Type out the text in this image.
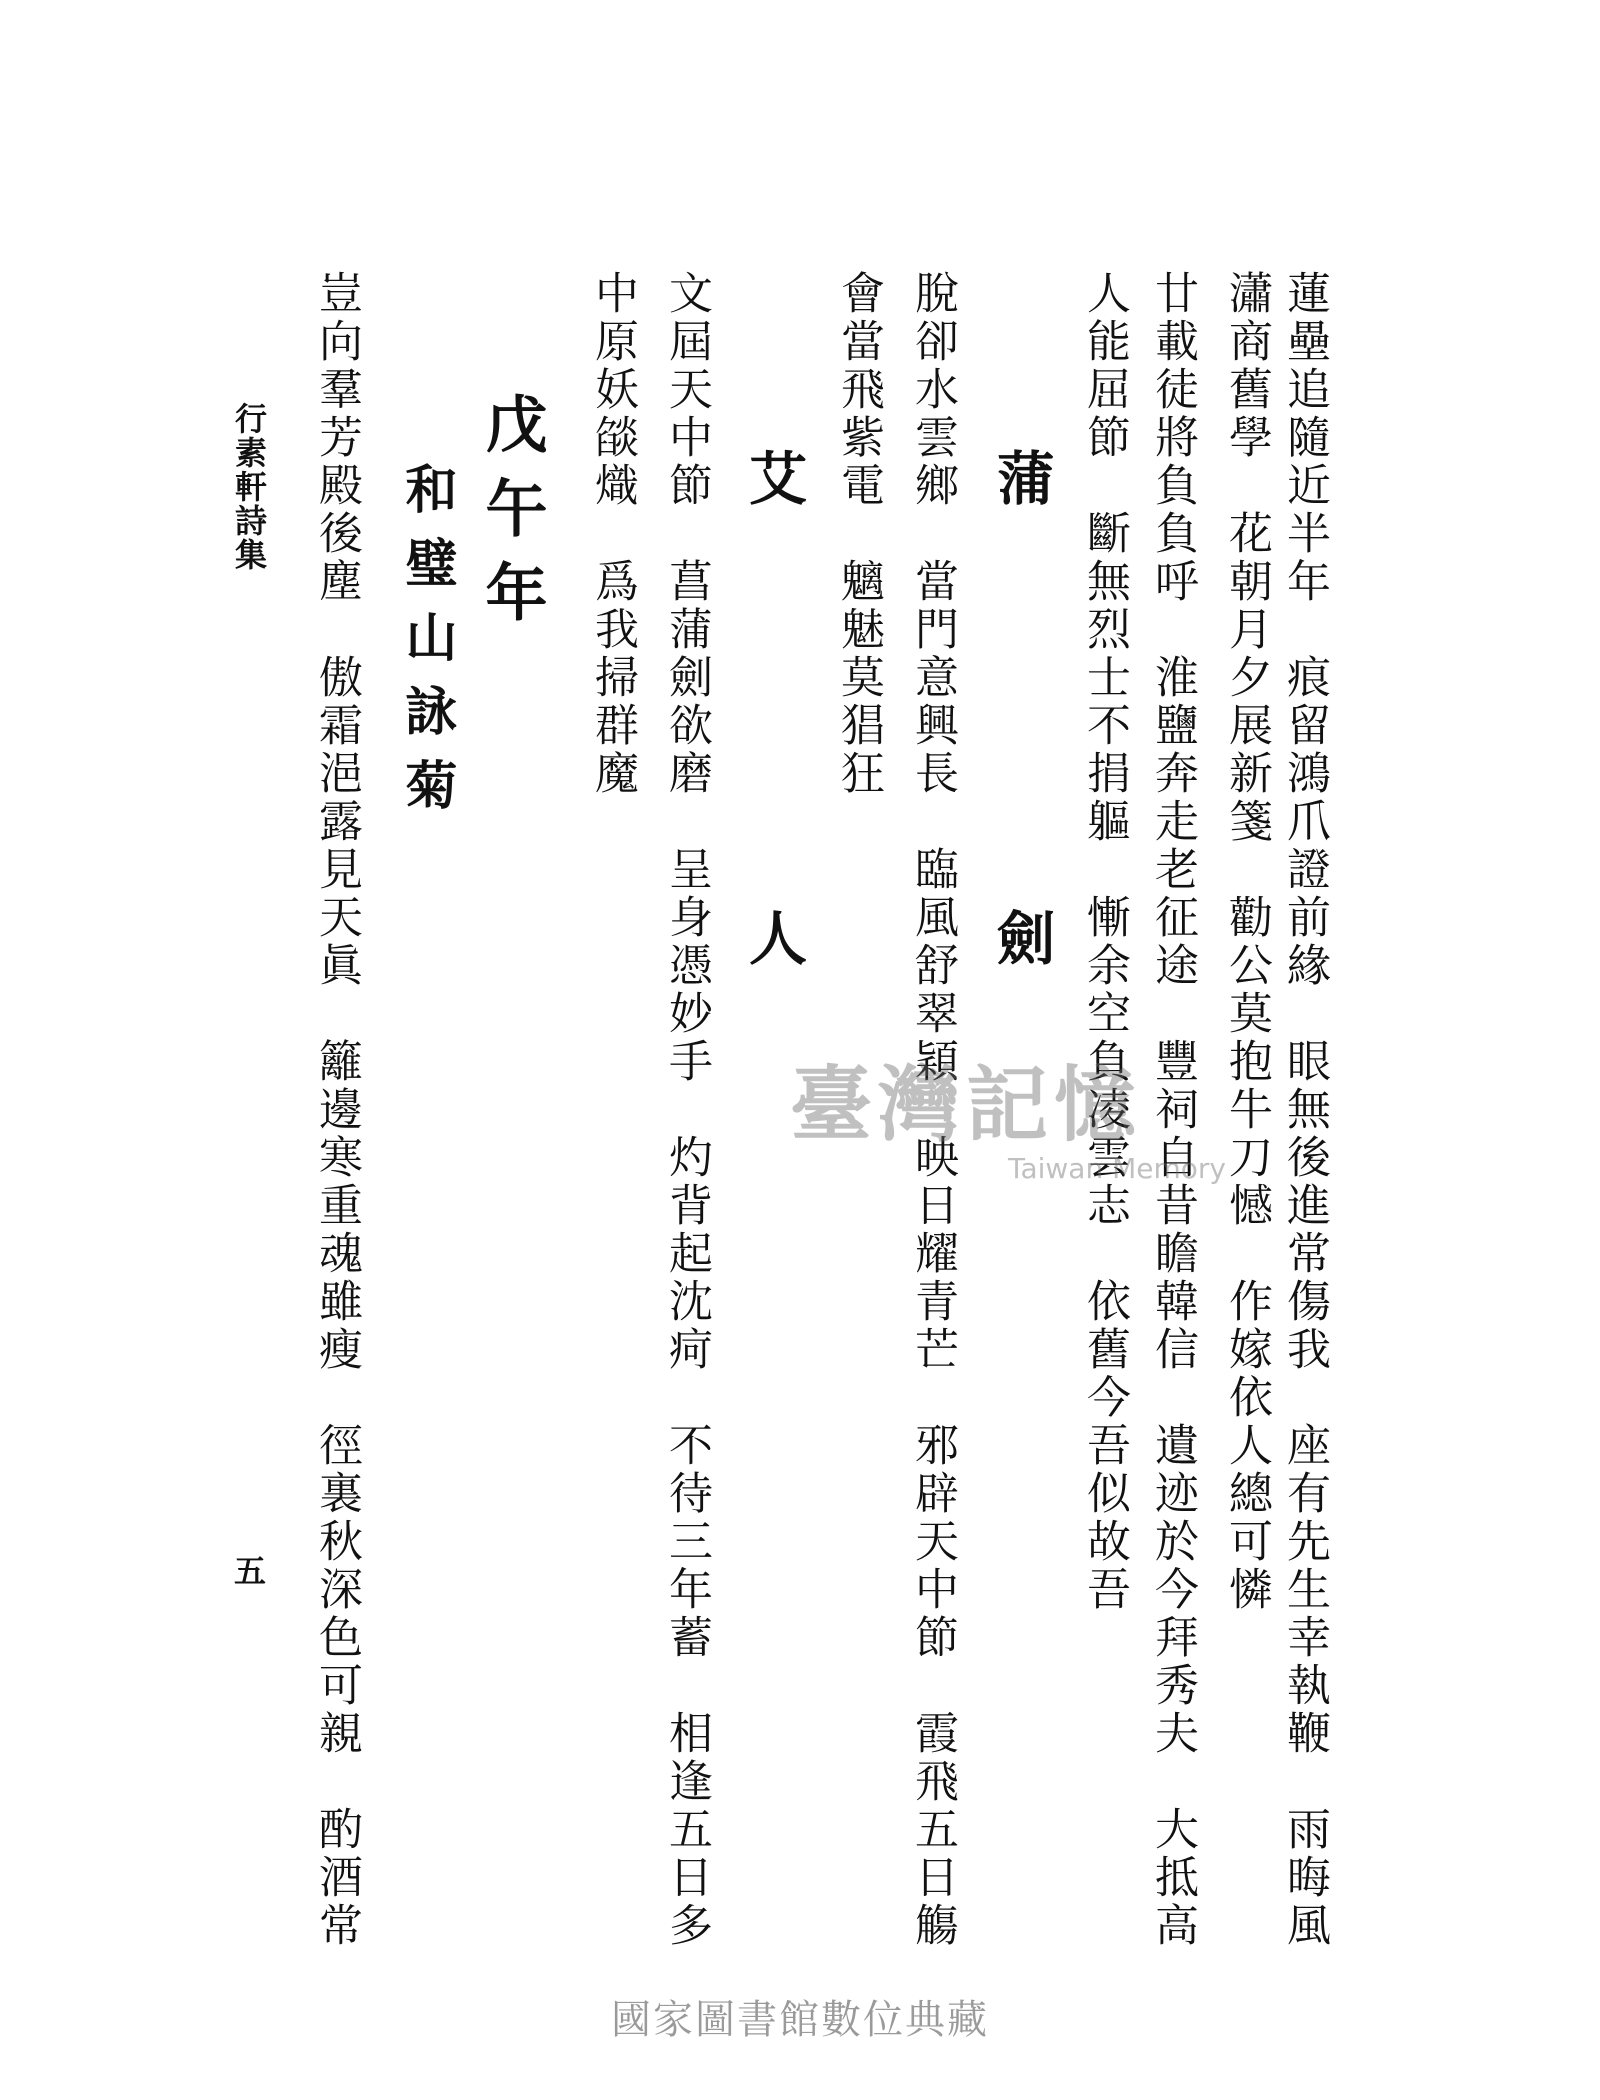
蓮壘追隨近半年　痕留鴻爪證前緣　眼無後進常傷我　座有先生幸執鞭　雨晦風

瀟商舊學　花朝月夕展新箋　勸公莫抱牛刀憾　作嫁依人總可憐

廿載徒將負負呼　淮鹽奔走老征途　豐祠自昔瞻韓信　遺迹於今拜秀夫　大抵高

人能屈節　斷無烈士不捐軀　慚余空負凌雲志　依舊今吾似故吾

蒲　　　　劍

脫卻水雲鄉　當門意興長　臨風舒翠穎　映日耀青芒　邪辟天中節　霞飛五日觴

會當飛紫電　魑魅莫猖狂

艾　　　　人

文屆天中節　菖蒲劍欲磨　呈身憑妙手　灼背起沈疴　不待三年蓄　相逢五日多

中原妖燄熾　爲我掃群魔

戊午年

和璧山詠菊

豈向羣芳殿後塵　傲霜浥露見天眞　籬邊寒重魂雖瘦　徑裏秋深色可親　酌酒常

行素軒詩集

五

臺灣記憶
Taiwan Memory
國家圖書館數位典藏
